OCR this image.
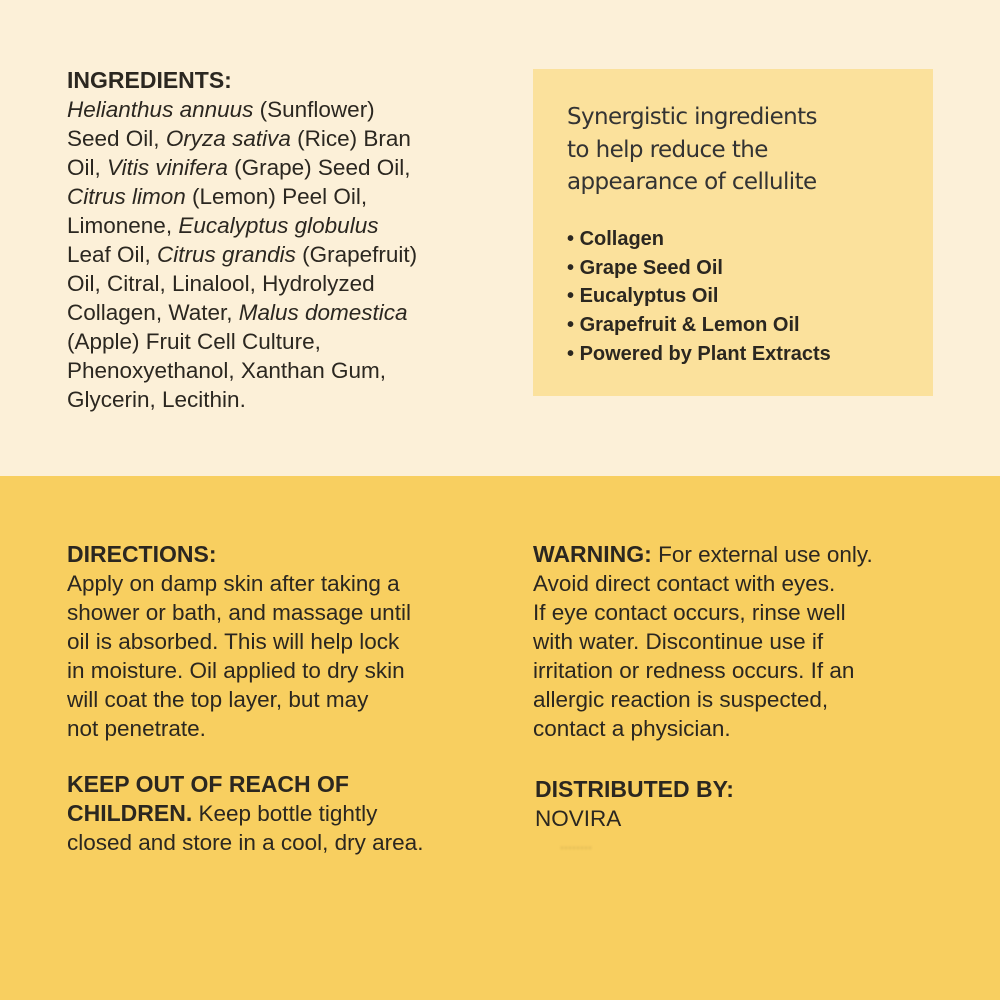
INGREDIENTS:
Helianthus annuus (Sunflower)
Seed Oil, Oryza sativa (Rice) Bran
Oil, Vitis vinifera (Grape) Seed Oil,
Citrus limon (Lemon) Peel Oil,
Limonene, Eucalyptus globulus
Leaf Oil, Citrus grandis (Grapefruit)
Oil, Citral, Linalool, Hydrolyzed
Collagen, Water, Malus domestica
(Apple) Fruit Cell Culture,
Phenoxyethanol, Xanthan Gum,
Glycerin, Lecithin.
Synergistic ingredients
to help reduce the
appearance of cellulite
• Collagen
• Grape Seed Oil
• Eucalyptus Oil
• Grapefruit & Lemon Oil
• Powered by Plant Extracts
DIRECTIONS:
Apply on damp skin after taking a
shower or bath, and massage until
oil is absorbed. This will help lock
in moisture. Oil applied to dry skin
will coat the top layer, but may
not penetrate.
KEEP OUT OF REACH OF
CHILDREN. Keep bottle tightly
closed and store in a cool, dry area.
WARNING: For external use only.
Avoid direct contact with eyes.
If eye contact occurs, rinse well
with water. Discontinue use if
irritation or redness occurs. If an
allergic reaction is suspected,
contact a physician.
DISTRIBUTED BY:
NOVIRA
········
